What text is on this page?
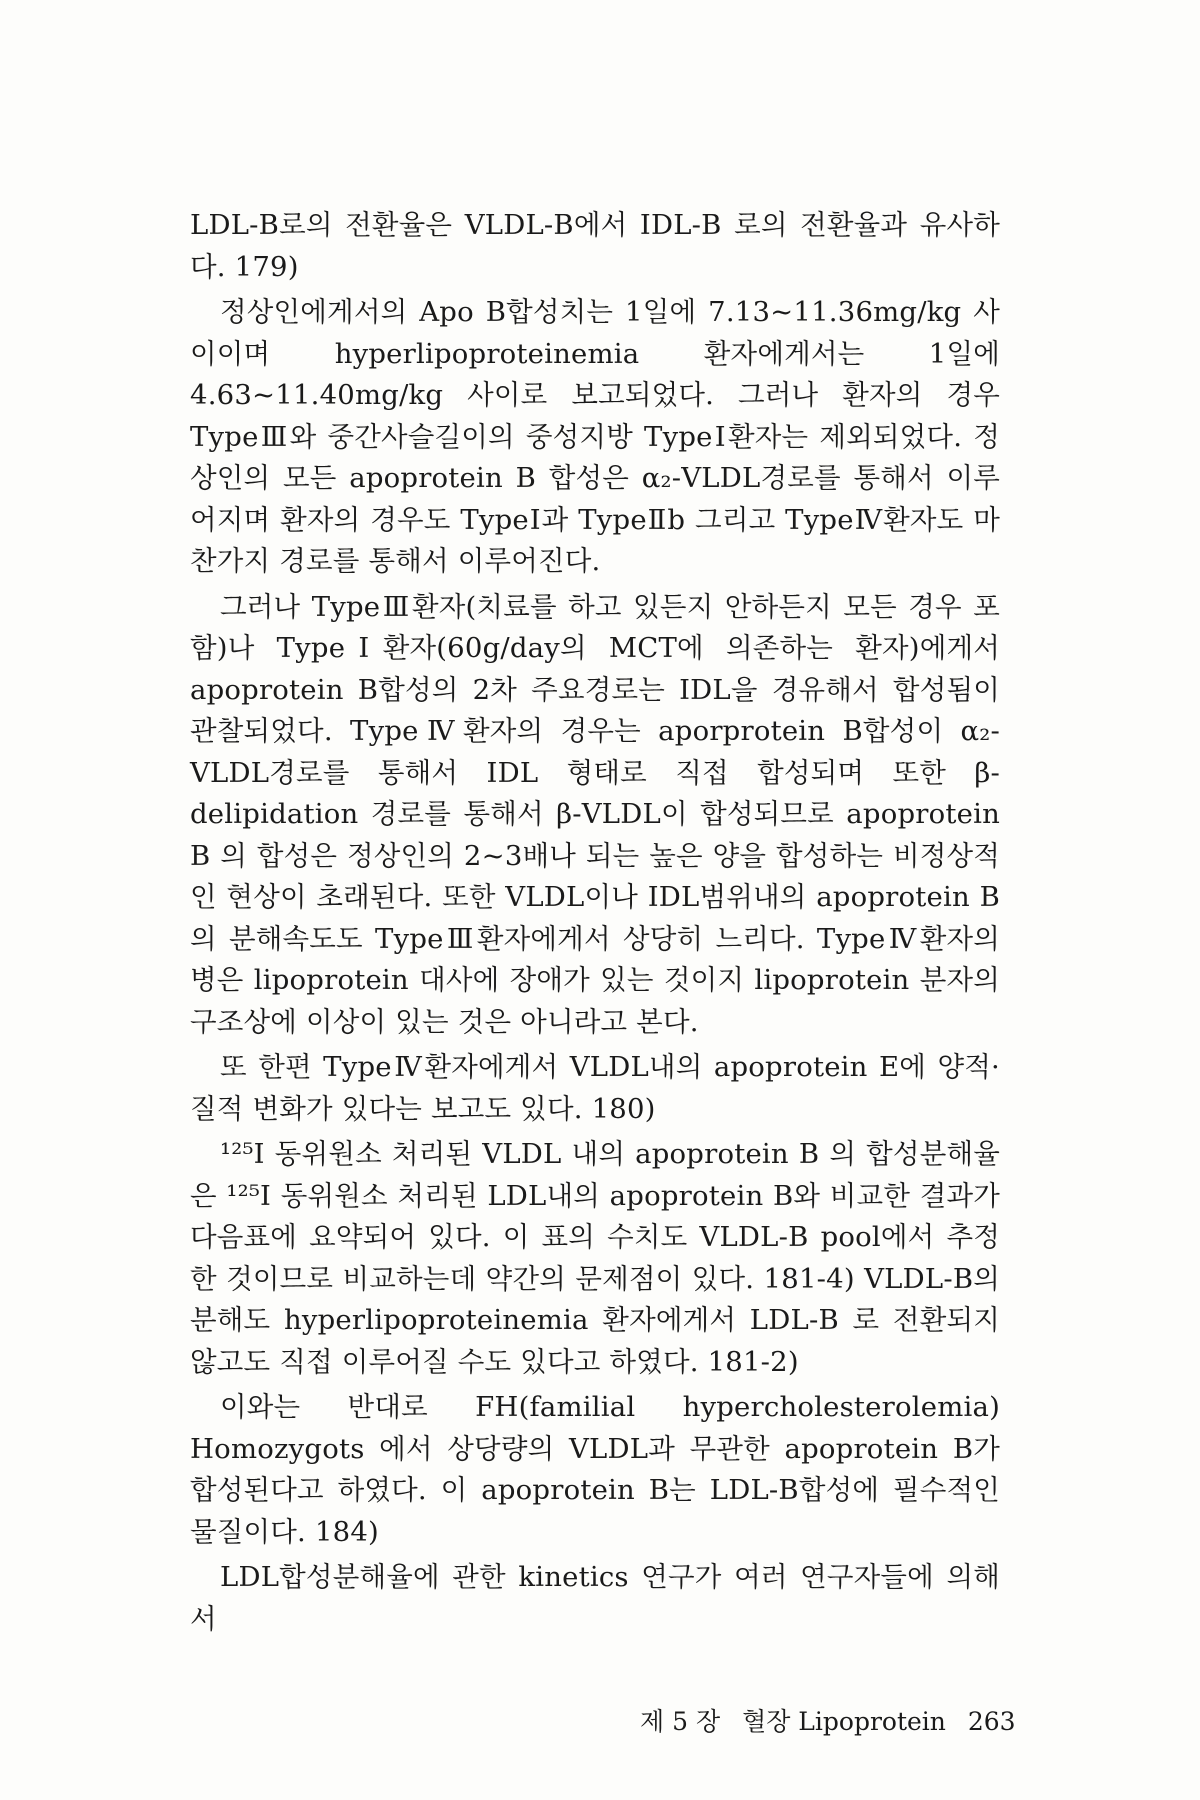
LDL-B로의 전환율은 VLDL-B에서 IDL-B 로의 전환율과 유사하다. 179)

정상인에게서의 Apo B합성치는 1일에 7.13~11.36mg/kg 사이이며 hyperlipoproteinemia 환자에게서는 1일에 4.63~11.40mg/kg 사이로 보고되었다. 그러나 환자의 경우 TypeⅢ와 중간사슬길이의 중성지방 TypeⅠ환자는 제외되었다. 정상인의 모든 apoprotein B 합성은 α₂-VLDL경로를 통해서 이루어지며 환자의 경우도 TypeⅠ과 TypeⅡb 그리고 TypeⅣ환자도 마찬가지 경로를 통해서 이루어진다.

그러나 TypeⅢ환자(치료를 하고 있든지 안하든지 모든 경우 포함)나 TypeⅠ환자(60g/day의 MCT에 의존하는 환자)에게서 apoprotein B합성의 2차 주요경로는 IDL을 경유해서 합성됨이 관찰되었다. TypeⅣ환자의 경우는 aporprotein B합성이 α₂-VLDL경로를 통해서 IDL 형태로 직접 합성되며 또한 β-delipidation 경로를 통해서 β-VLDL이 합성되므로 apoprotein B 의 합성은 정상인의 2~3배나 되는 높은 양을 합성하는 비정상적인 현상이 초래된다. 또한 VLDL이나 IDL범위내의 apoprotein B의 분해속도도 TypeⅢ환자에게서 상당히 느리다. TypeⅣ환자의 병은 lipoprotein 대사에 장애가 있는 것이지 lipoprotein 분자의 구조상에 이상이 있는 것은 아니라고 본다.

또 한편 TypeⅣ환자에게서 VLDL내의 apoprotein E에 양적·질적 변화가 있다는 보고도 있다. 180)

¹²⁵I 동위원소 처리된 VLDL 내의 apoprotein B 의 합성분해율은 ¹²⁵I 동위원소 처리된 LDL내의 apoprotein B와 비교한 결과가 다음표에 요약되어 있다. 이 표의 수치도 VLDL-B pool에서 추정한 것이므로 비교하는데 약간의 문제점이 있다. 181-4) VLDL-B의 분해도 hyperlipoproteinemia 환자에게서 LDL-B 로 전환되지 않고도 직접 이루어질 수도 있다고 하였다. 181-2)

이와는 반대로 FH(familial hypercholesterolemia) Homozygots 에서 상당량의 VLDL과 무관한 apoprotein B가 합성된다고 하였다. 이 apoprotein B는 LDL-B합성에 필수적인 물질이다. 184)

LDL합성분해율에 관한 kinetics 연구가 여러 연구자들에 의해서

제 5 장 혈장 Lipoprotein 263
